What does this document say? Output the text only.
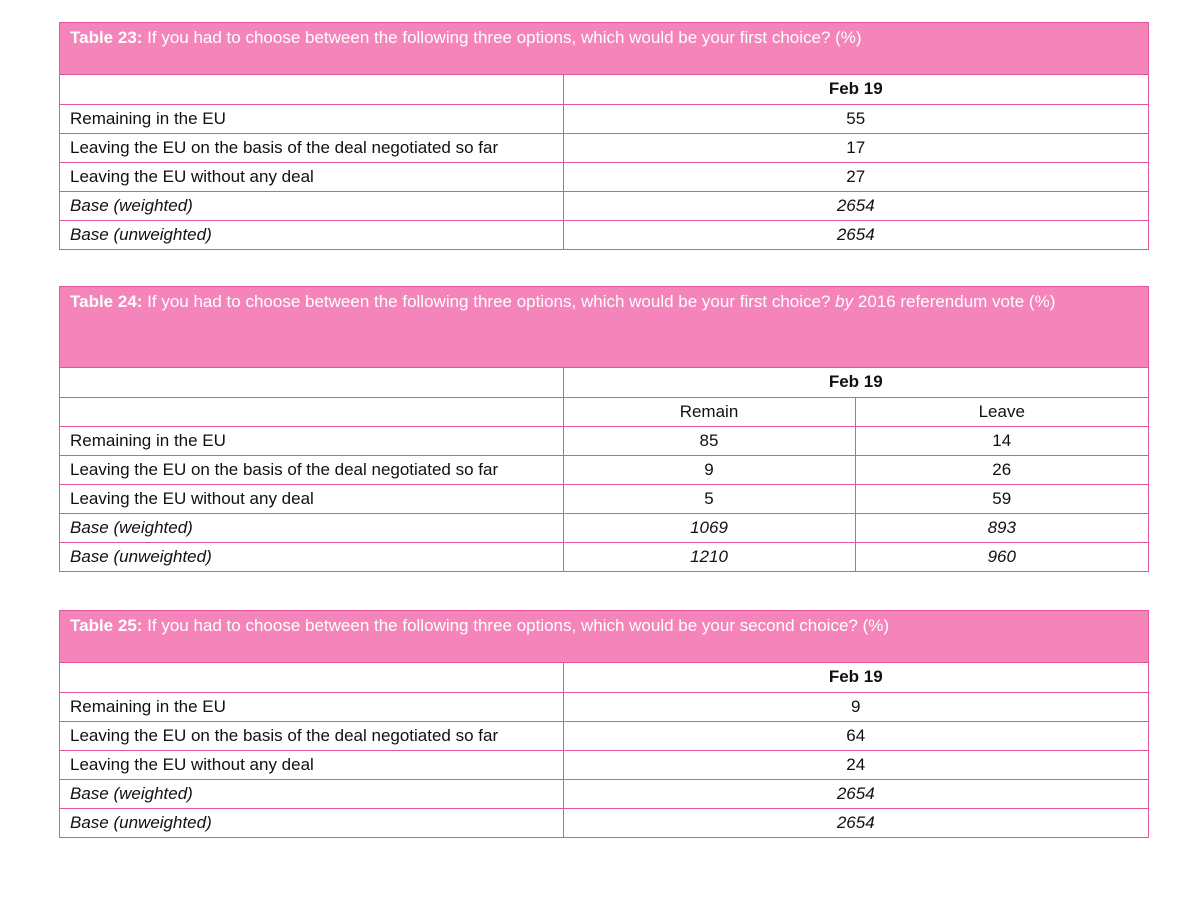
Table 23: If you had to choose between the following three options, which would be your first choice? (%)
	Feb 19
Remaining in the EU	55
Leaving the EU on the basis of the deal negotiated so far	17
Leaving the EU without any deal	27
Base (weighted)	2654
Base (unweighted)	2654
Table 24: If you had to choose between the following three options, which would be your first choice? by 2016 referendum vote (%)
	Feb 19	
	Remain	Leave
Remaining in the EU	85	14
Leaving the EU on the basis of the deal negotiated so far	9	26
Leaving the EU without any deal	5	59
Base (weighted)	1069	893
Base (unweighted)	1210	960
Table 25: If you had to choose between the following three options, which would be your second choice? (%)
	Feb 19
Remaining in the EU	9
Leaving the EU on the basis of the deal negotiated so far	64
Leaving the EU without any deal	24
Base (weighted)	2654
Base (unweighted)	2654
